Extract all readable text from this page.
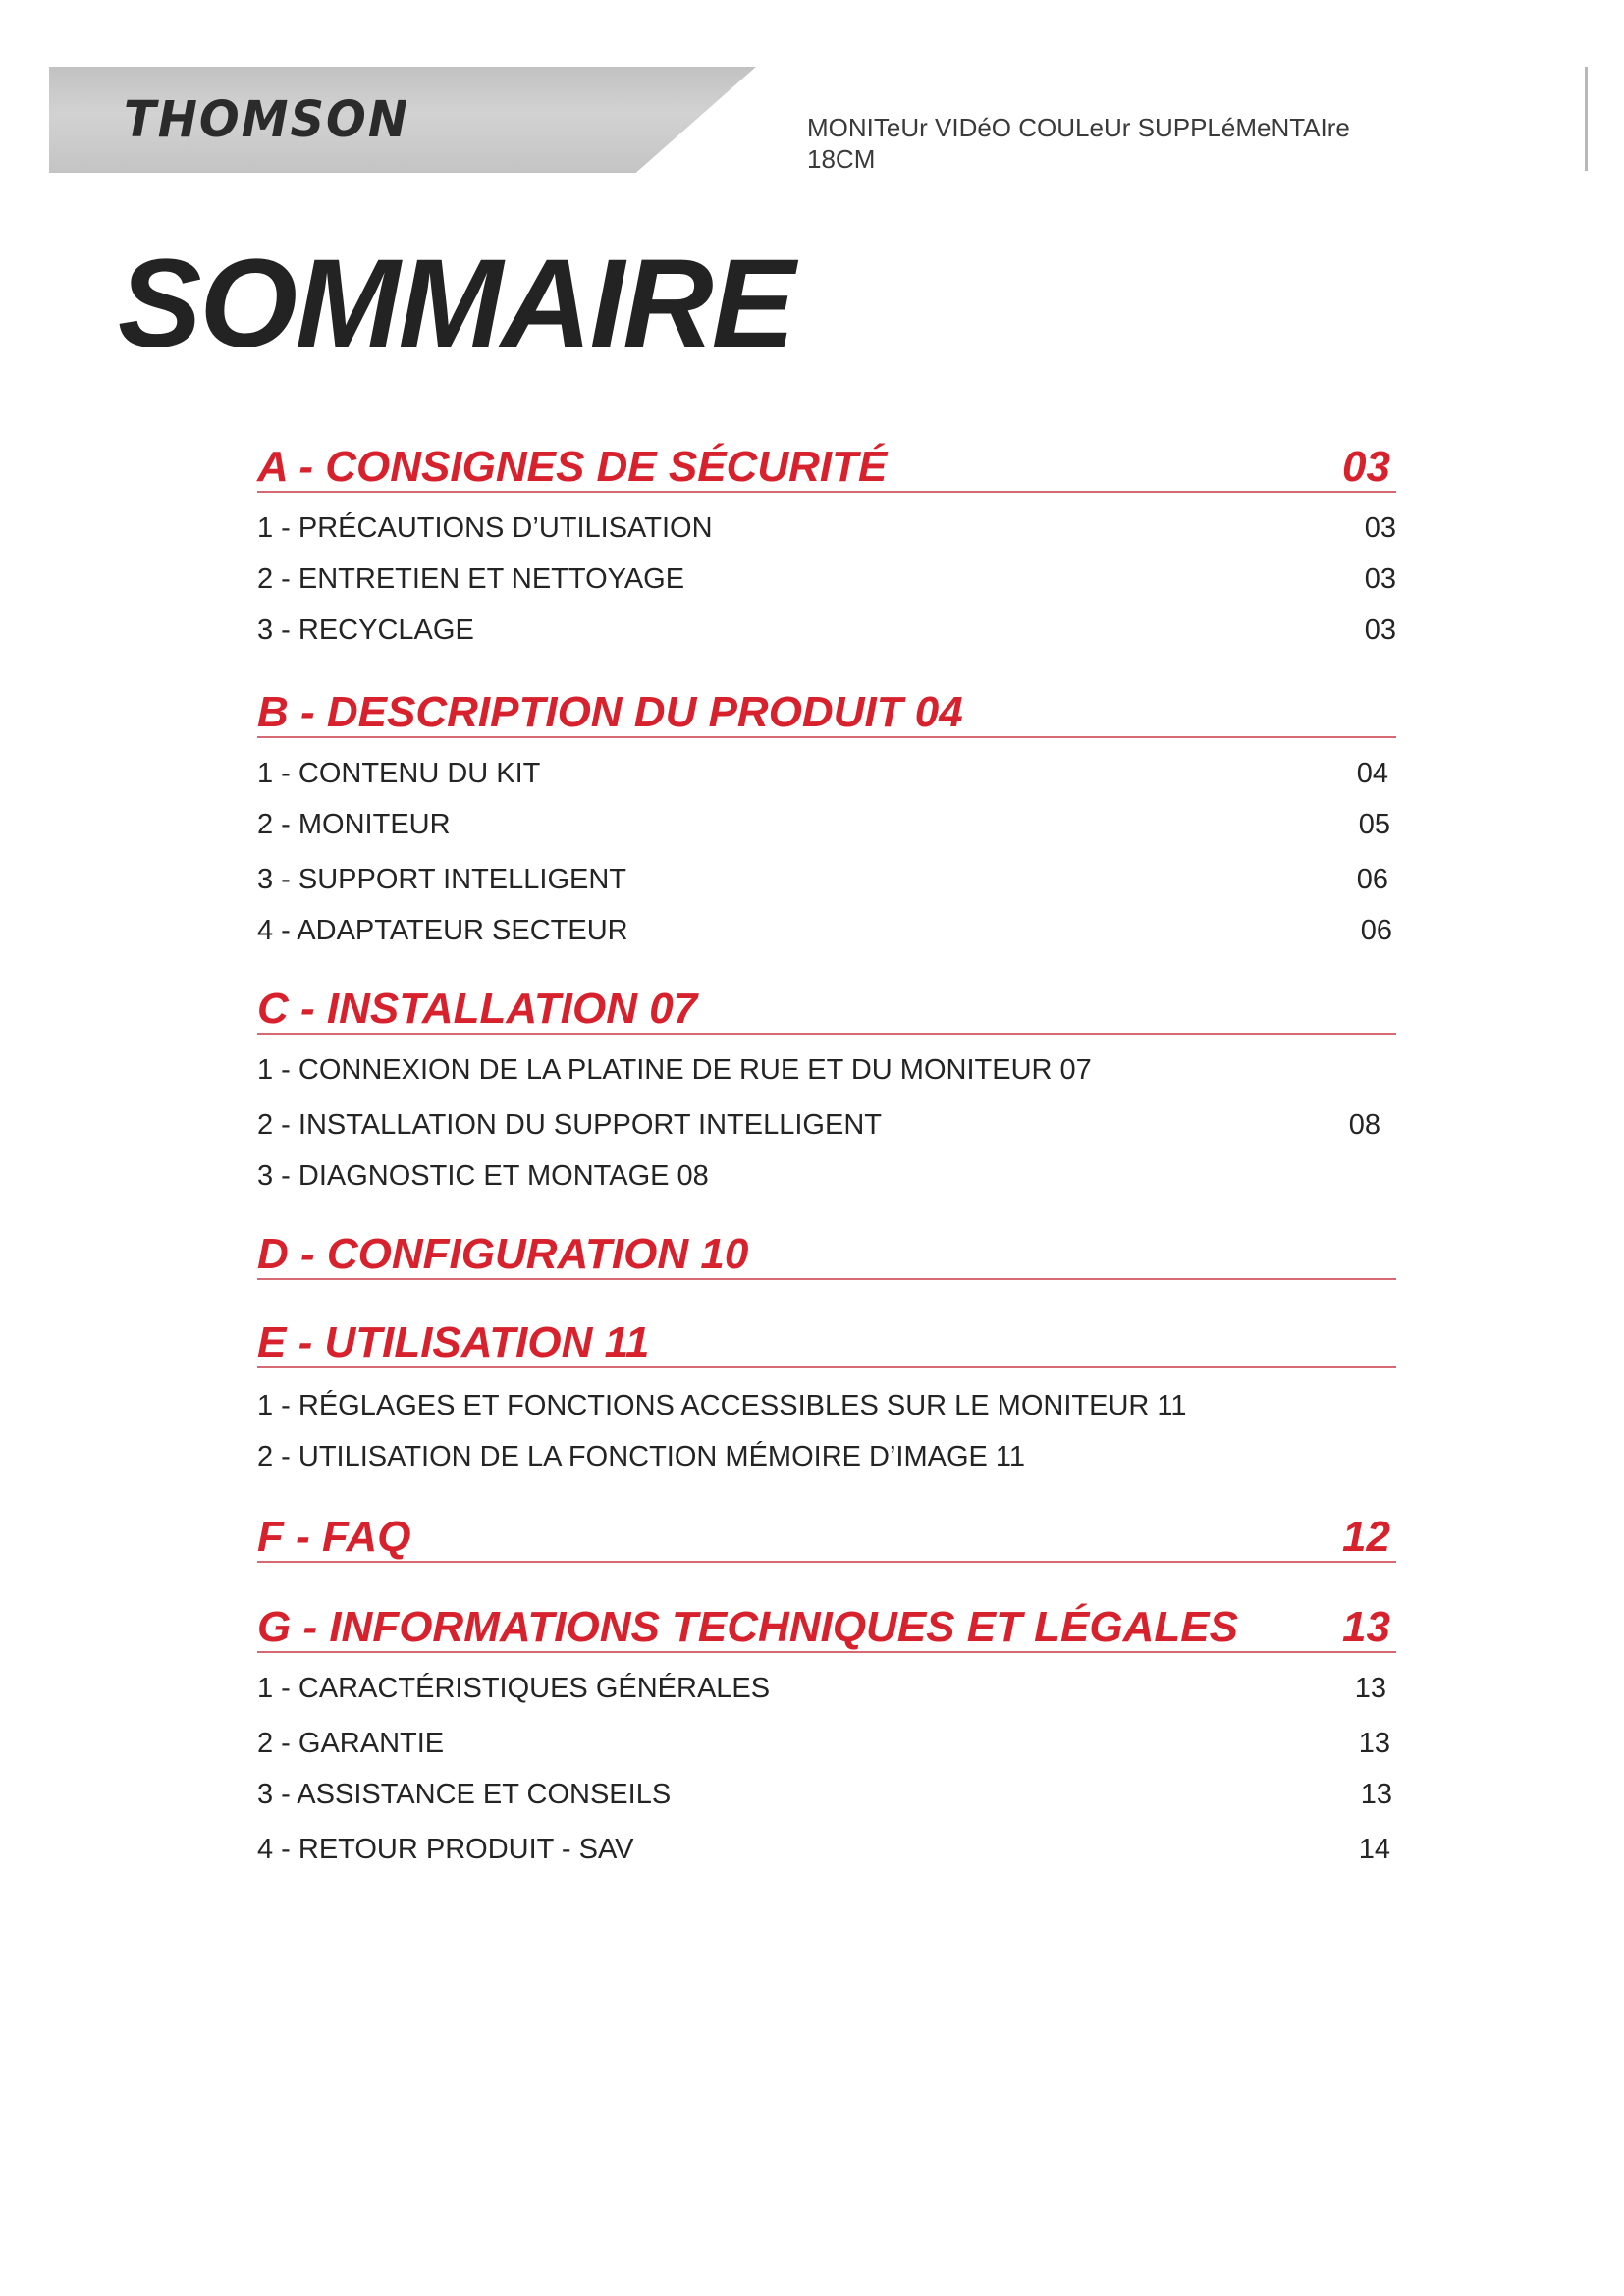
THOMSON	MONITeUr VIDéO COULeUr SUPPLéMeNTAIre
18CM
SOMMAIRE
A - CONSIGNES DE SÉCURITÉ	03
1 - PRÉCAUTIONS D’UTILISATION	03
2 - ENTRETIEN ET NETTOYAGE	03
3 - RECYCLAGE	03
B - DESCRIPTION DU PRODUIT 04
1 - CONTENU DU KIT	04
2 - MONITEUR	05
3 - SUPPORT INTELLIGENT	06
4 - ADAPTATEUR SECTEUR	06
C - INSTALLATION 07
1 - CONNEXION DE LA PLATINE DE RUE ET DU MONITEUR 07
2 - INSTALLATION DU SUPPORT INTELLIGENT	08
3 - DIAGNOSTIC ET MONTAGE 08
D - CONFIGURATION 10
E - UTILISATION 11
1 - RÉGLAGES ET FONCTIONS ACCESSIBLES SUR LE MONITEUR 11
2 - UTILISATION DE LA FONCTION MÉMOIRE D’IMAGE 11
F - FAQ	12
G - INFORMATIONS TECHNIQUES ET LÉGALES 13
1 - CARACTÉRISTIQUES GÉNÉRALES	13
2 - GARANTIE	13
3 - ASSISTANCE ET CONSEILS	13
4 - RETOUR PRODUIT - SAV	14
